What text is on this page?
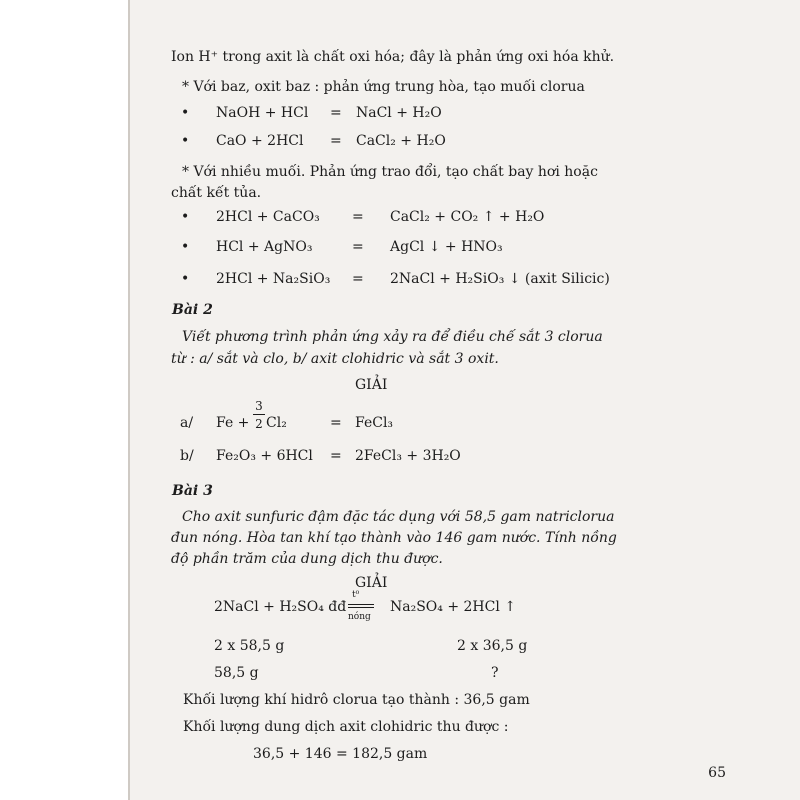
Ion H⁺ trong axit là chất oxi hóa; đây là phản ứng oxi hóa khử.
* Với baz, oxit baz : phản ứng trung hòa, tạo muối clorua
• NaOH + HCl = NaCl + H₂O
• CaO + 2HCl = CaCl₂ + H₂O
* Với nhiều muối. Phản ứng trao đổi, tạo chất bay hơi hoặc
chất kết tủa.
• 2HCl + CaCO₃ = CaCl₂ + CO₂ ↑ + H₂O
• HCl + AgNO₃	= AgCl ↓ + HNO₃
• 2HCl + Na₂SiO₃ = 2NaCl + H₂SiO₃ ↓ (axit Silicic)
Bài 2
Viết phương trình phản ứng xảy ra để điều chế sắt 3 clorua
từ : a/ sắt và clo, b/ axit clohidric và sắt 3 oxit.
GIẢI
a/ Fe +
3
2 Cl₂	= FeCl₃
b/ Fe₂O₃ + 6HCl = 2FeCl₃ + 3H₂O
Bài 3
Cho axit sunfuric đậm đặc tác dụng với 58,5 gam natriclorua
đun nóng. Hòa tan khí tạo thành vào 146 gam nước. Tính nồng
độ phần trăm của dung dịch thu được.
GIẢI
2NaCl + H₂SO₄ đđ
t⁰
nóng
Na₂SO₄ + 2HCl ↑
2 x 58,5 g	2 x 36,5 g
58,5 g	?
Khối lượng khí hidrô clorua tạo thành : 36,5 gam
Khối lượng dung dịch axit clohidric thu được :
36,5 + 146 = 182,5 gam
65
